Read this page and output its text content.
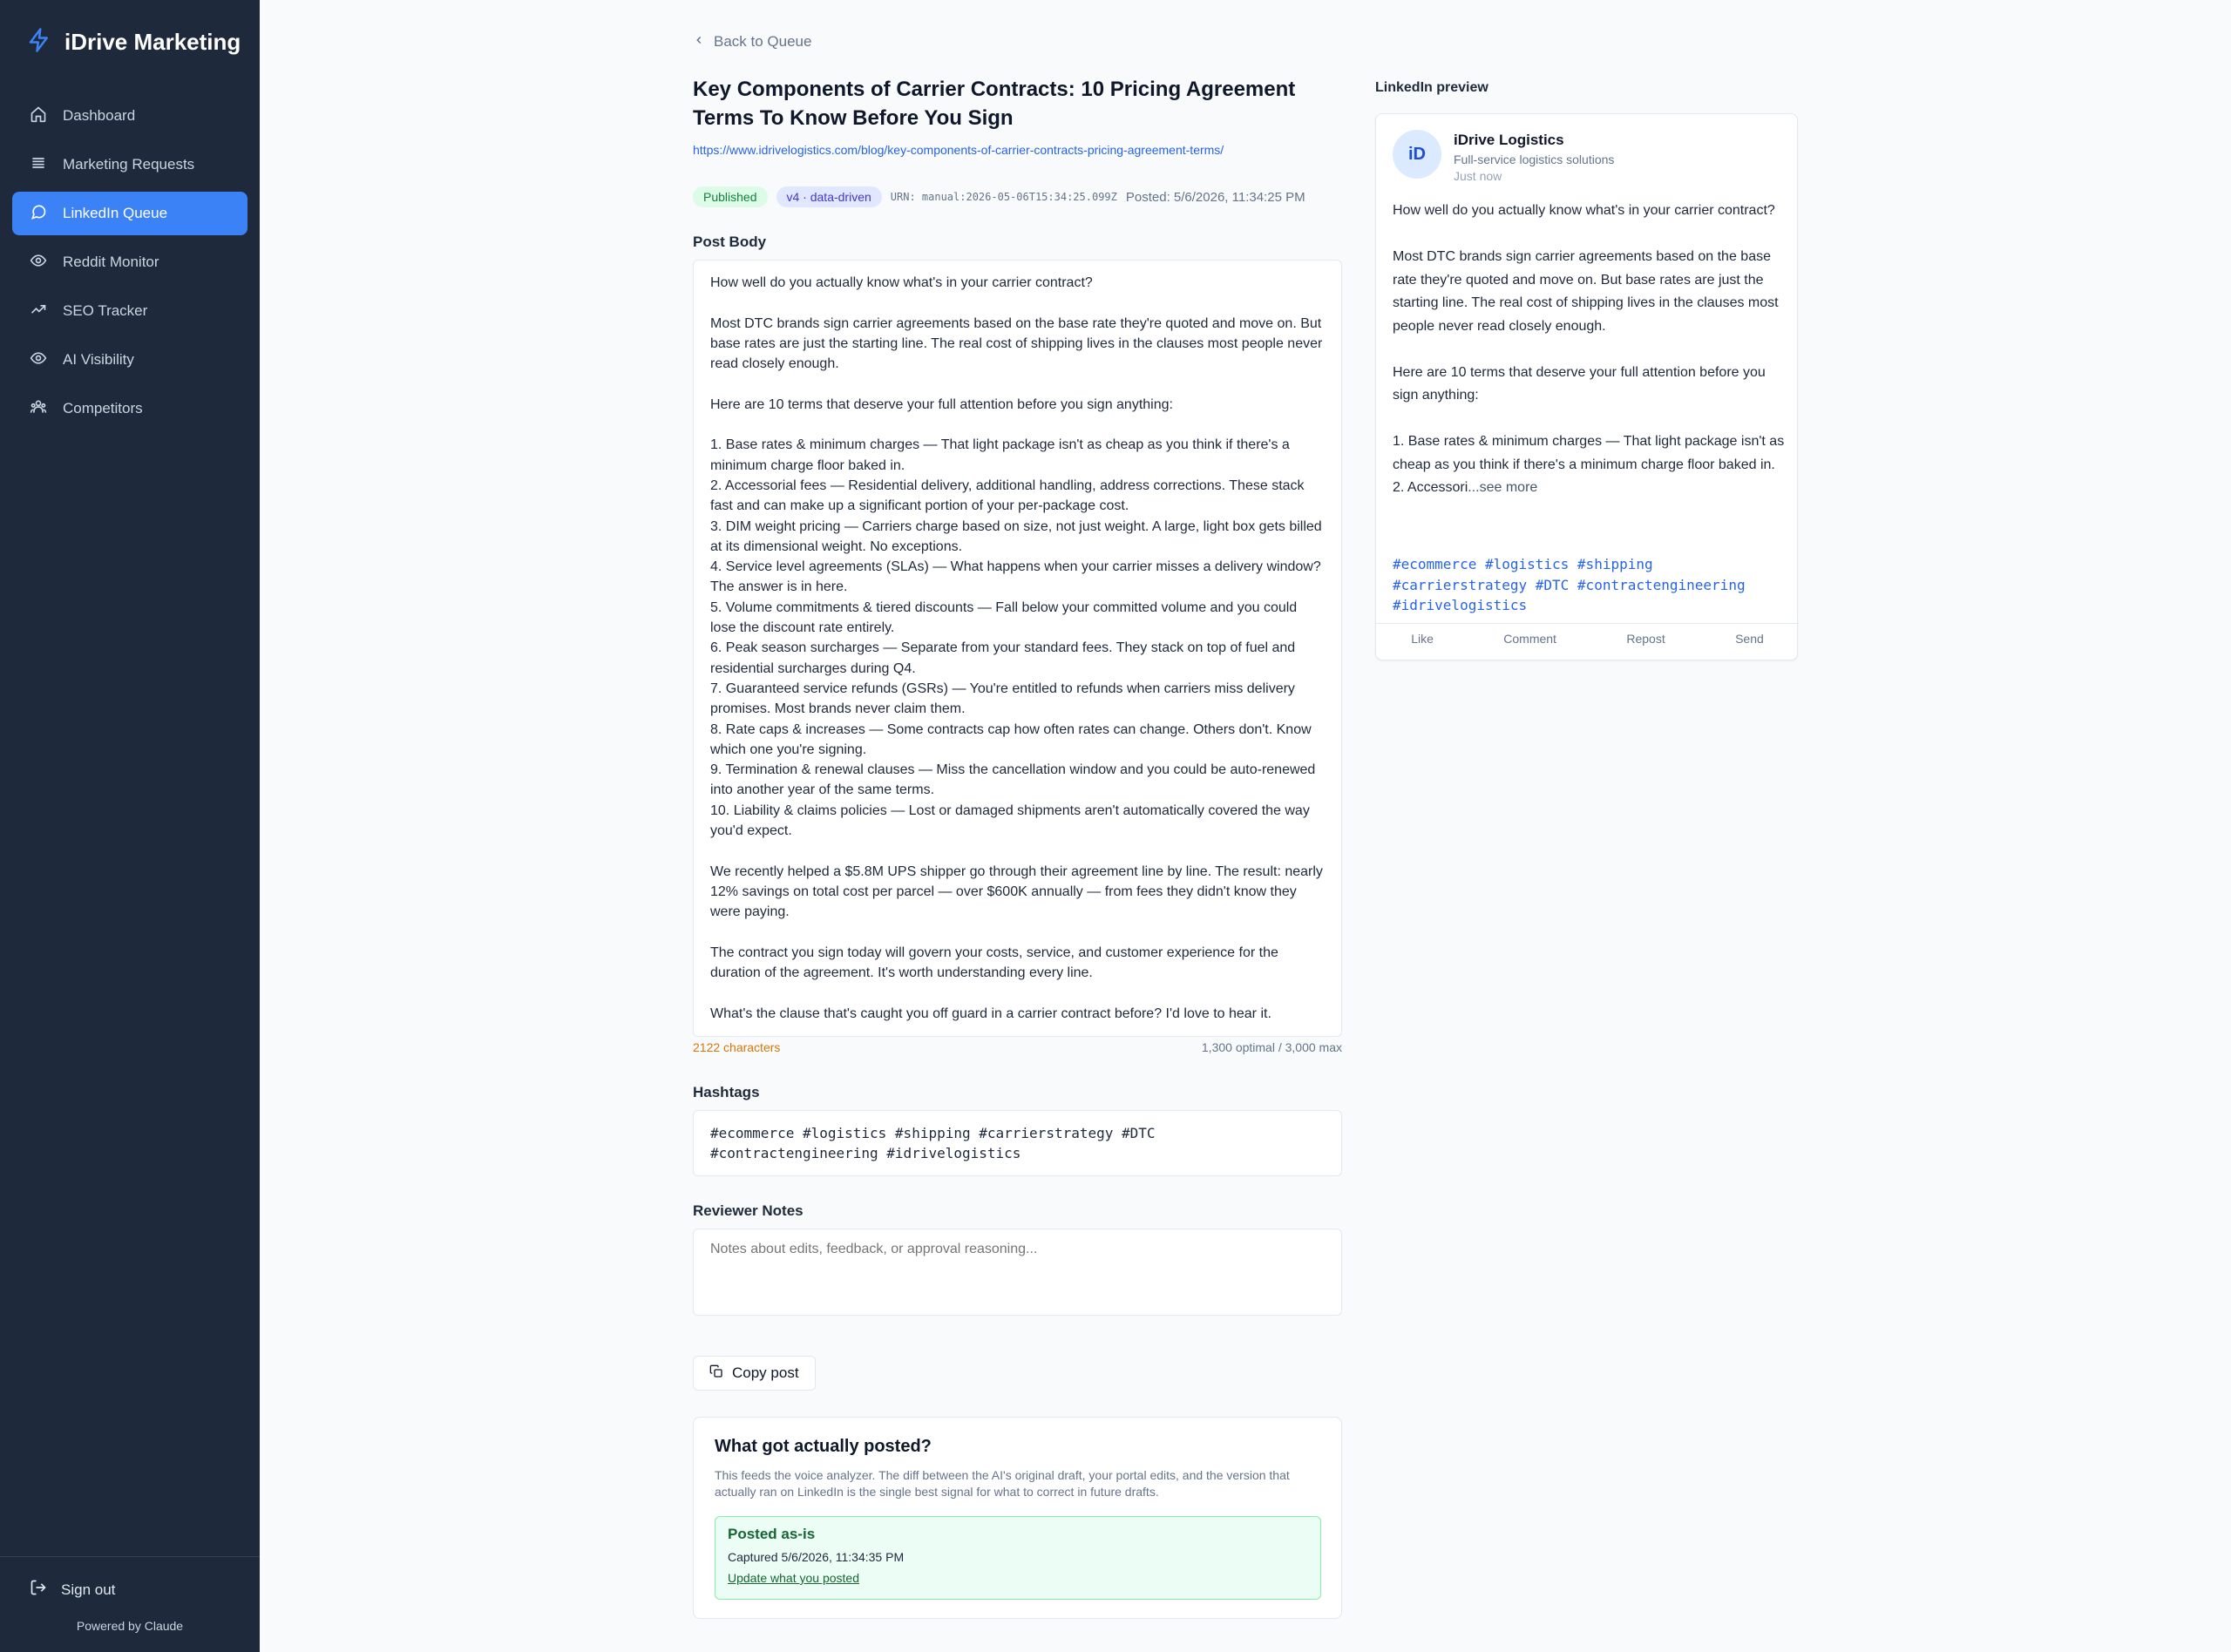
iDrive Marketing
Dashboard
Marketing Requests
LinkedIn Queue
Reddit Monitor
SEO Tracker
AI Visibility
Competitors
Sign out
Powered by Claude
Back to Queue
Key Components of Carrier Contracts: 10 Pricing Agreement Terms To Know Before You Sign
https://www.idrivelogistics.com/blog/key-components-of-carrier-contracts-pricing-agreement-terms/
Published	v4 · data-driven	URN: manual:2026-05-06T15:34:25.099Z Posted: 5/6/2026, 11:34:25 PM
Post Body
How well do you actually know what's in your carrier contract?

Most DTC brands sign carrier agreements based on the base rate they're quoted and move on. But base rates are just the starting line. The real cost of shipping lives in the clauses most people never read closely enough.

Here are 10 terms that deserve your full attention before you sign anything:

1. Base rates & minimum charges — That light package isn't as cheap as you think if there's a minimum charge floor baked in.
2. Accessorial fees — Residential delivery, additional handling, address corrections. These stack fast and can make up a significant portion of your per-package cost.
3. DIM weight pricing — Carriers charge based on size, not just weight. A large, light box gets billed at its dimensional weight. No exceptions.
4. Service level agreements (SLAs) — What happens when your carrier misses a delivery window? The answer is in here.
5. Volume commitments & tiered discounts — Fall below your committed volume and you could lose the discount rate entirely.
6. Peak season surcharges — Separate from your standard fees. They stack on top of fuel and residential surcharges during Q4.
7. Guaranteed service refunds (GSRs) — You're entitled to refunds when carriers miss delivery promises. Most brands never claim them.
8. Rate caps & increases — Some contracts cap how often rates can change. Others don't. Know which one you're signing.
9. Termination & renewal clauses — Miss the cancellation window and you could be auto-renewed into another year of the same terms.
10. Liability & claims policies — Lost or damaged shipments aren't automatically covered the way you'd expect.

We recently helped a $5.8M UPS shipper go through their agreement line by line. The result: nearly 12% savings on total cost per parcel — over $600K annually — from fees they didn't know they were paying.

The contract you sign today will govern your costs, service, and customer experience for the duration of the agreement. It's worth understanding every line.

What's the clause that's caught you off guard in a carrier contract before? I'd love to hear it.
2122 characters	1,300 optimal / 3,000 max
Hashtags
#ecommerce #logistics #shipping #carrierstrategy #DTC
#contractengineering #idrivelogistics
Reviewer Notes
Notes about edits, feedback, or approval reasoning...
Copy post
What got actually posted?
This feeds the voice analyzer. The diff between the AI's original draft, your portal edits, and the version that actually ran on LinkedIn is the single best signal for what to correct in future drafts.
Posted as-is
Captured 5/6/2026, 11:34:35 PM
Update what you posted
LinkedIn preview
iD
iDrive Logistics
Full-service logistics solutions
Just now
How well do you actually know what's in your carrier contract?

Most DTC brands sign carrier agreements based on the base rate they're quoted and move on. But base rates are just the starting line. The real cost of shipping lives in the clauses most people never read closely enough.

Here are 10 terms that deserve your full attention before you sign anything:

1. Base rates & minimum charges — That light package isn't as cheap as you think if there's a minimum charge floor baked in.
2. Accessori...see more
#ecommerce #logistics #shipping #carrierstrategy #DTC #contractengineering #idrivelogistics
Like	Comment	Repost	Send
